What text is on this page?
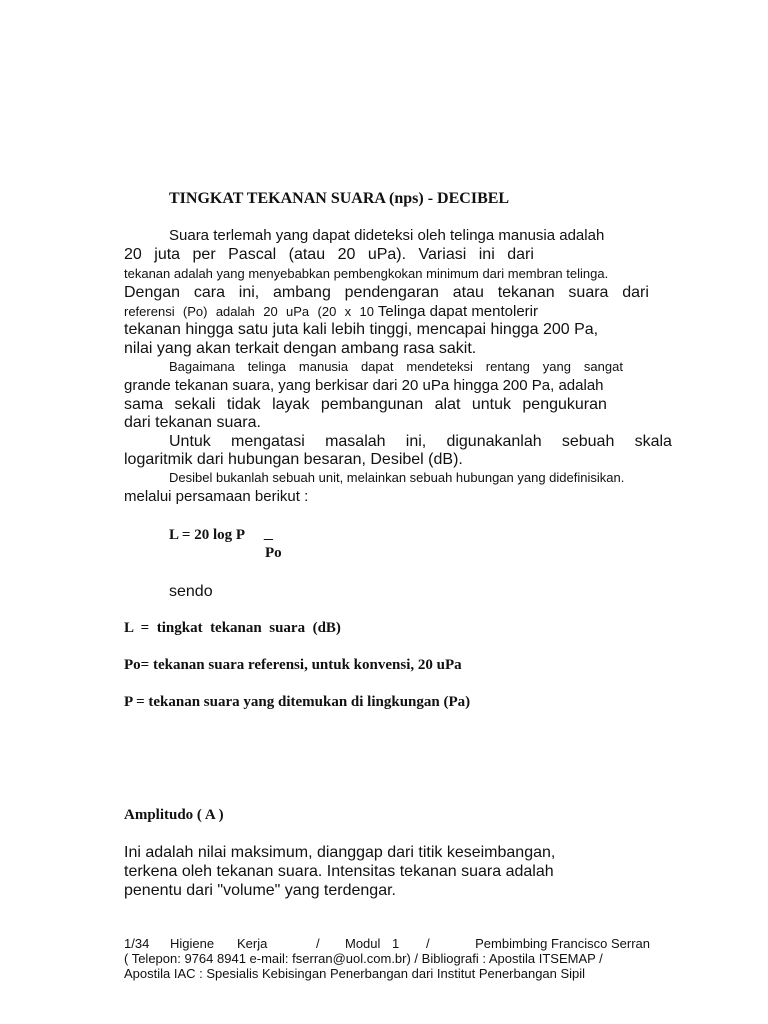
TINGKAT TEKANAN SUARA (nps) - DECIBEL
Suara terlemah yang dapat dideteksi oleh telinga manusia adalah
20 juta per Pascal (atau 20 uPa). Variasi ini dari
tekanan adalah yang menyebabkan pembengkokan minimum dari membran telinga.
Dengan cara ini, ambang pendengaran atau tekanan suara dari
referensi (Po) adalah 20 uPa (20 x 10 Telinga dapat mentolerir
tekanan hingga satu juta kali lebih tinggi, mencapai hingga 200 Pa,
nilai yang akan terkait dengan ambang rasa sakit.
Bagaimana telinga manusia dapat mendeteksi rentang yang sangat
grande tekanan suara, yang berkisar dari 20 uPa hingga 200 Pa, adalah
sama sekali tidak layak pembangunan alat untuk pengukuran
dari tekanan suara.
Untuk mengatasi masalah ini, digunakanlah sebuah skala
logaritmik dari hubungan besaran, Desibel (dB).
Desibel bukanlah sebuah unit, melainkan sebuah hubungan yang didefinisikan.
melalui persamaan berikut :
L = 20 log P _
Po
sendo
L  =  tingkat  tekanan  suara  (dB)
Po= tekanan suara referensi, untuk konvensi, 20 uPa
P = tekanan suara yang ditemukan di lingkungan (Pa)
Amplitudo ( A )
Ini adalah nilai maksimum, dianggap dari titik keseimbangan,
terkena oleh tekanan suara. Intensitas tekanan suara adalah
penentu dari "volume" yang terdengar.
1/34 Higiene Kerja	/ Modul 1 /	Pembimbing Francisco Serran
( Telepon: 9764 8941 e-mail: fserran@uol.com.br) / Bibliografi : Apostila ITSEMAP /
Apostila IAC : Spesialis Kebisingan Penerbangan dari Institut Penerbangan Sipil
